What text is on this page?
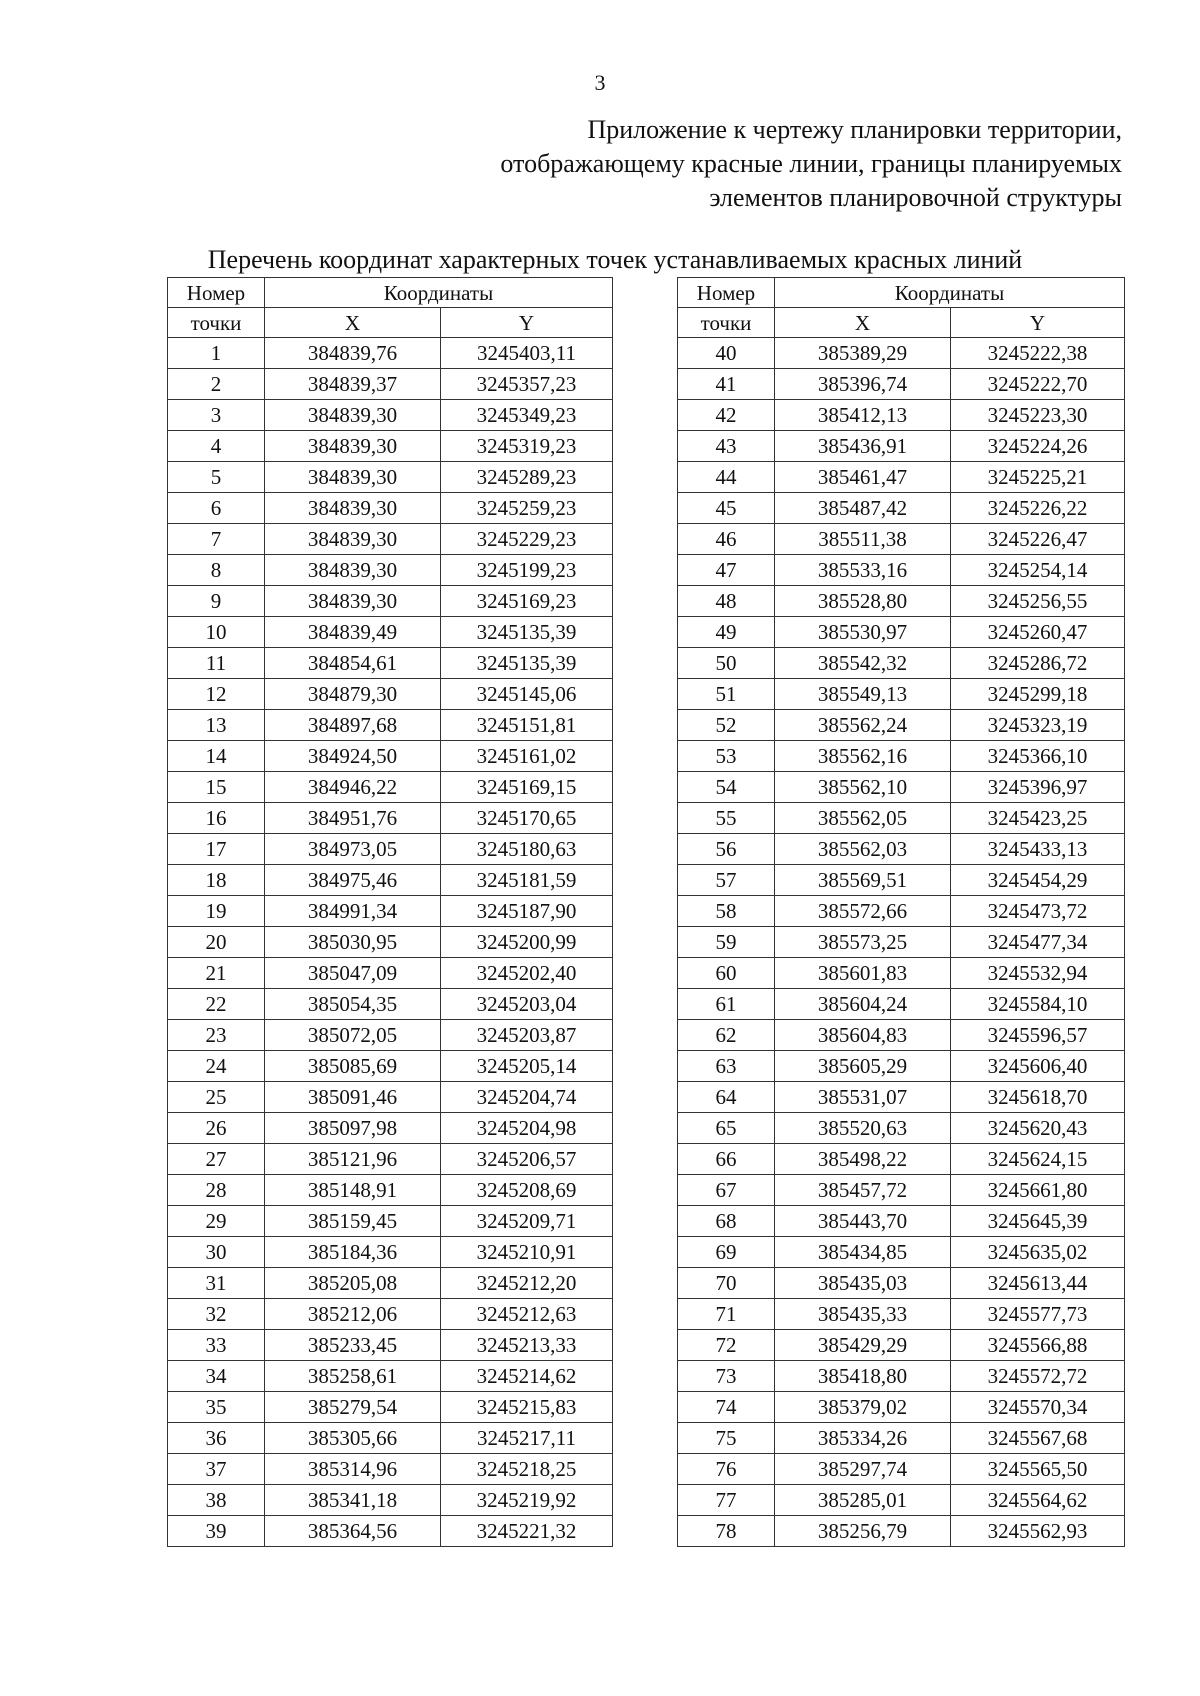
3
Приложение к чертежу планировки территории,
отображающему красные линии, границы планируемых
элементов планировочной структуры
Перечень координат характерных точек устанавливаемых красных линий
Номер	Координаты	
точки	X	Y
1	384839,76	3245403,11
2	384839,37	3245357,23
3	384839,30	3245349,23
4	384839,30	3245319,23
5	384839,30	3245289,23
6	384839,30	3245259,23
7	384839,30	3245229,23
8	384839,30	3245199,23
9	384839,30	3245169,23
10	384839,49	3245135,39
11	384854,61	3245135,39
12	384879,30	3245145,06
13	384897,68	3245151,81
14	384924,50	3245161,02
15	384946,22	3245169,15
16	384951,76	3245170,65
17	384973,05	3245180,63
18	384975,46	3245181,59
19	384991,34	3245187,90
20	385030,95	3245200,99
21	385047,09	3245202,40
22	385054,35	3245203,04
23	385072,05	3245203,87
24	385085,69	3245205,14
25	385091,46	3245204,74
26	385097,98	3245204,98
27	385121,96	3245206,57
28	385148,91	3245208,69
29	385159,45	3245209,71
30	385184,36	3245210,91
31	385205,08	3245212,20
32	385212,06	3245212,63
33	385233,45	3245213,33
34	385258,61	3245214,62
35	385279,54	3245215,83
36	385305,66	3245217,11
37	385314,96	3245218,25
38	385341,18	3245219,92
39	385364,56	3245221,32
Номер	Координаты	
точки	X	Y
40	385389,29	3245222,38
41	385396,74	3245222,70
42	385412,13	3245223,30
43	385436,91	3245224,26
44	385461,47	3245225,21
45	385487,42	3245226,22
46	385511,38	3245226,47
47	385533,16	3245254,14
48	385528,80	3245256,55
49	385530,97	3245260,47
50	385542,32	3245286,72
51	385549,13	3245299,18
52	385562,24	3245323,19
53	385562,16	3245366,10
54	385562,10	3245396,97
55	385562,05	3245423,25
56	385562,03	3245433,13
57	385569,51	3245454,29
58	385572,66	3245473,72
59	385573,25	3245477,34
60	385601,83	3245532,94
61	385604,24	3245584,10
62	385604,83	3245596,57
63	385605,29	3245606,40
64	385531,07	3245618,70
65	385520,63	3245620,43
66	385498,22	3245624,15
67	385457,72	3245661,80
68	385443,70	3245645,39
69	385434,85	3245635,02
70	385435,03	3245613,44
71	385435,33	3245577,73
72	385429,29	3245566,88
73	385418,80	3245572,72
74	385379,02	3245570,34
75	385334,26	3245567,68
76	385297,74	3245565,50
77	385285,01	3245564,62
78	385256,79	3245562,93
